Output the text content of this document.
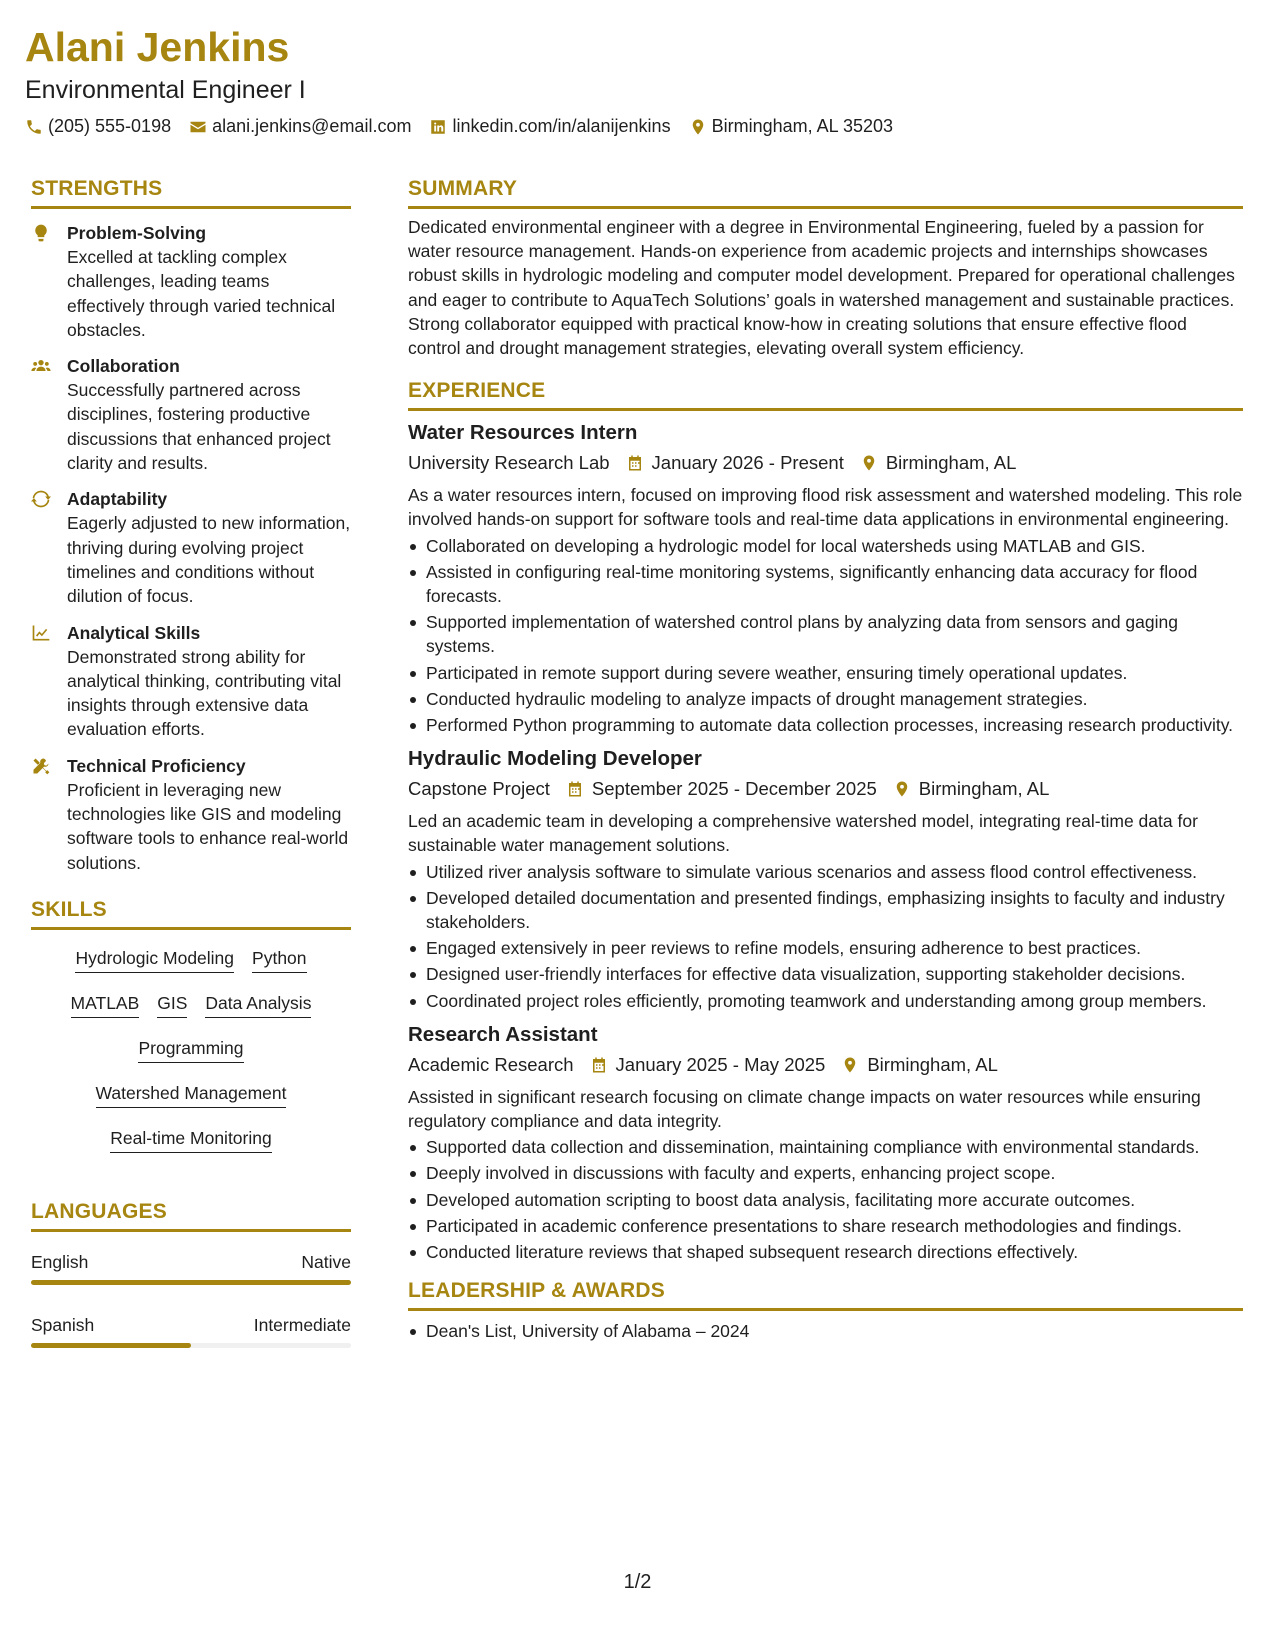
Alani Jenkins
Environmental Engineer I
(205) 555-0198 alani.jenkins@email.com linkedin.com/in/alanijenkins Birmingham, AL 35203
STRENGTHS
Problem-Solving
Excelled at tackling complex challenges, leading teams effectively through varied technical obstacles.
Collaboration
Successfully partnered across disciplines, fostering productive discussions that enhanced project clarity and results.
Adaptability
Eagerly adjusted to new information, thriving during evolving project timelines and conditions without dilution of focus.
Analytical Skills
Demonstrated strong ability for analytical thinking, contributing vital insights through extensive data evaluation efforts.
Technical Proficiency
Proficient in leveraging new technologies like GIS and modeling software tools to enhance real-world solutions.
SKILLS
Hydrologic Modeling Python
MATLAB GIS Data Analysis
Programming
Watershed Management
Real-time Monitoring
LANGUAGES
English	Native
Spanish	Intermediate
SUMMARY
Dedicated environmental engineer with a degree in Environmental Engineering, fueled by a passion for water resource management. Hands-on experience from academic projects and internships showcases robust skills in hydrologic modeling and computer model development. Prepared for operational challenges and eager to contribute to AquaTech Solutions’ goals in watershed management and sustainable practices. Strong collaborator equipped with practical know-how in creating solutions that ensure effective flood control and drought management strategies, elevating overall system efficiency.
EXPERIENCE
Water Resources Intern
University Research Lab January 2026 - Present Birmingham, AL
As a water resources intern, focused on improving flood risk assessment and watershed modeling. This role involved hands-on support for software tools and real-time data applications in environmental engineering.
Collaborated on developing a hydrologic model for local watersheds using MATLAB and GIS.
Assisted in configuring real-time monitoring systems, significantly enhancing data accuracy for flood forecasts.
Supported implementation of watershed control plans by analyzing data from sensors and gaging systems.
Participated in remote support during severe weather, ensuring timely operational updates.
Conducted hydraulic modeling to analyze impacts of drought management strategies.
Performed Python programming to automate data collection processes, increasing research productivity.
Hydraulic Modeling Developer
Capstone Project September 2025 - December 2025 Birmingham, AL
Led an academic team in developing a comprehensive watershed model, integrating real-time data for sustainable water management solutions.
Utilized river analysis software to simulate various scenarios and assess flood control effectiveness.
Developed detailed documentation and presented findings, emphasizing insights to faculty and industry stakeholders.
Engaged extensively in peer reviews to refine models, ensuring adherence to best practices.
Designed user-friendly interfaces for effective data visualization, supporting stakeholder decisions.
Coordinated project roles efficiently, promoting teamwork and understanding among group members.
Research Assistant
Academic Research January 2025 - May 2025 Birmingham, AL
Assisted in significant research focusing on climate change impacts on water resources while ensuring regulatory compliance and data integrity.
Supported data collection and dissemination, maintaining compliance with environmental standards.
Deeply involved in discussions with faculty and experts, enhancing project scope.
Developed automation scripting to boost data analysis, facilitating more accurate outcomes.
Participated in academic conference presentations to share research methodologies and findings.
Conducted literature reviews that shaped subsequent research directions effectively.
LEADERSHIP & AWARDS
Dean's List, University of Alabama – 2024
1/2
